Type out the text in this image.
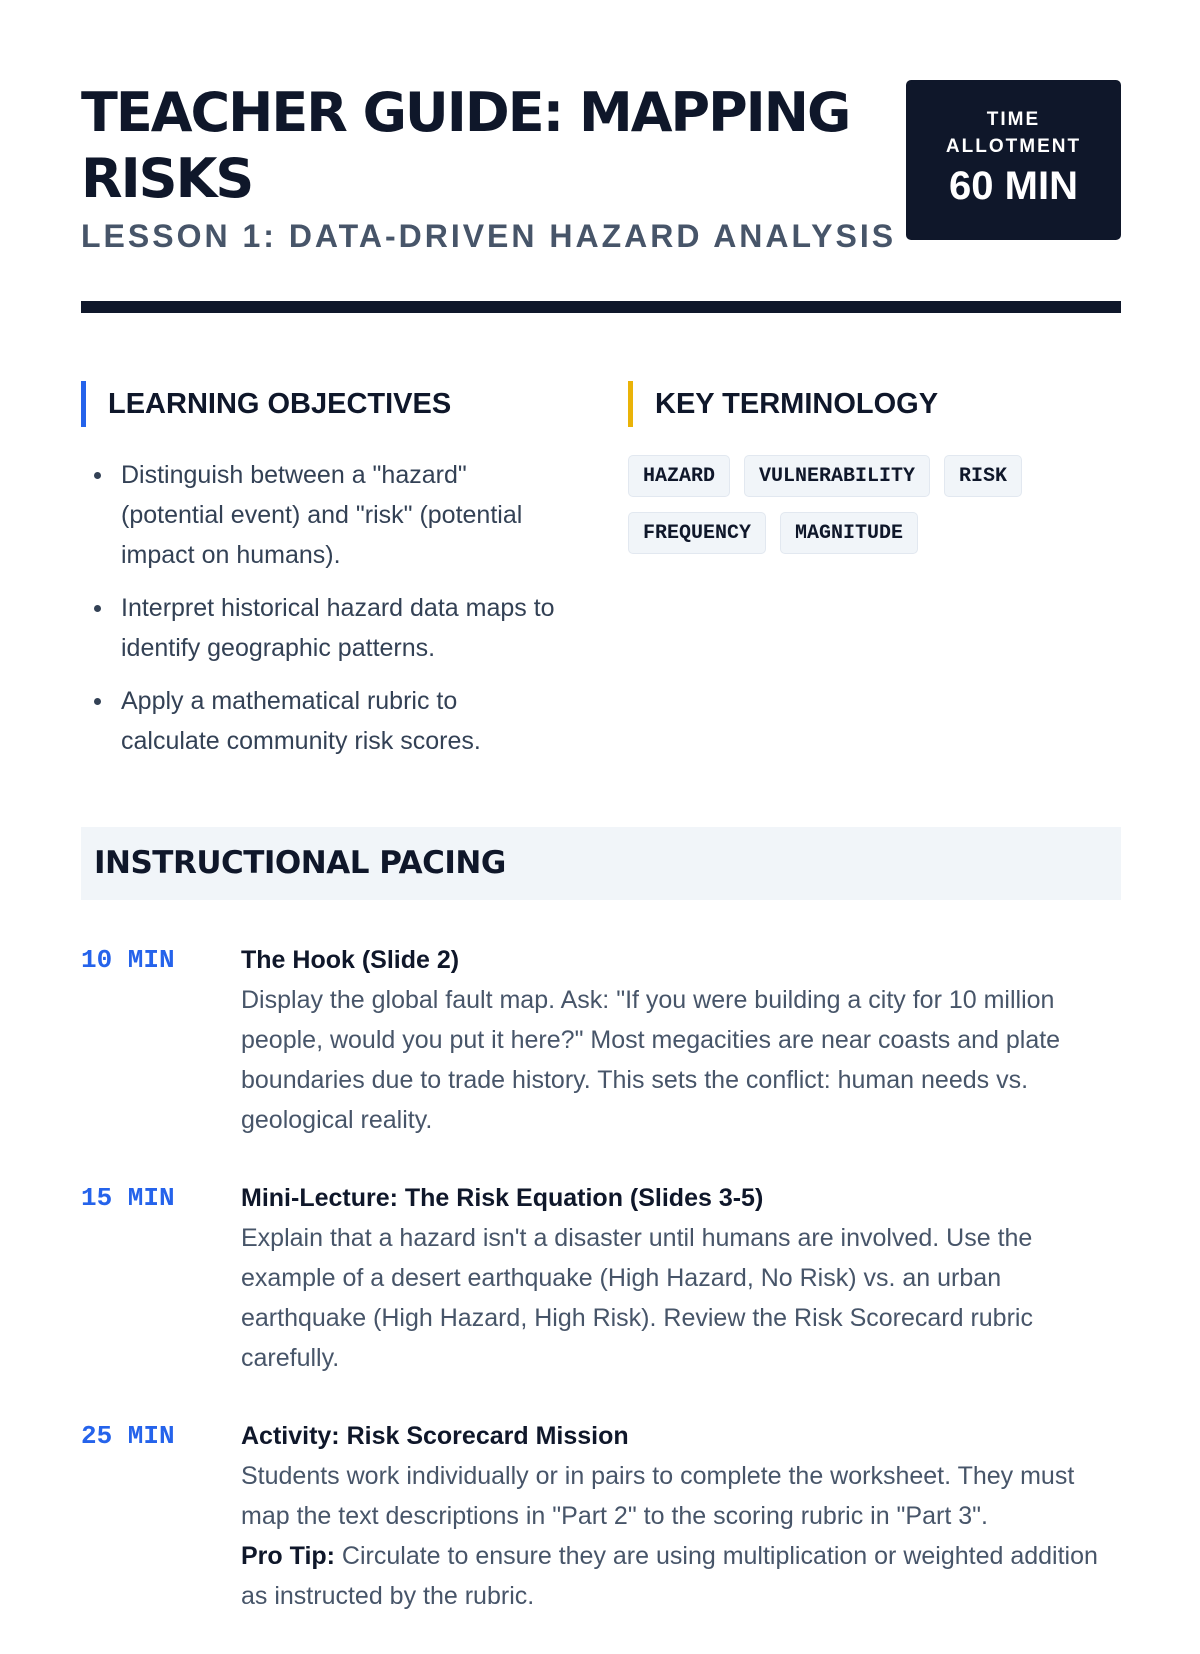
TEACHER GUIDE: MAPPING RISKS
LESSON 1: DATA-DRIVEN HAZARD ANALYSIS
TIME ALLOTMENT
60 MIN
LEARNING OBJECTIVES
Distinguish between a "hazard" (potential event) and "risk" (potential impact on humans).
Interpret historical hazard data maps to identify geographic patterns.
Apply a mathematical rubric to calculate community risk scores.
KEY TERMINOLOGY
HAZARD	VULNERABILITY	RISK
FREQUENCY	MAGNITUDE
INSTRUCTIONAL PACING
10 MIN	The Hook (Slide 2)
Display the global fault map. Ask: "If you were building a city for 10 million people, would you put it here?" Most megacities are near coasts and plate boundaries due to trade history. This sets the conflict: human needs vs. geological reality.
15 MIN	Mini-Lecture: The Risk Equation (Slides 3-5)
Explain that a hazard isn't a disaster until humans are involved. Use the example of a desert earthquake (High Hazard, No Risk) vs. an urban earthquake (High Hazard, High Risk). Review the Risk Scorecard rubric carefully.
25 MIN	Activity: Risk Scorecard Mission
Students work individually or in pairs to complete the worksheet. They must map the text descriptions in "Part 2" to the scoring rubric in "Part 3".
Pro Tip: Circulate to ensure they are using multiplication or weighted addition as instructed by the rubric.
